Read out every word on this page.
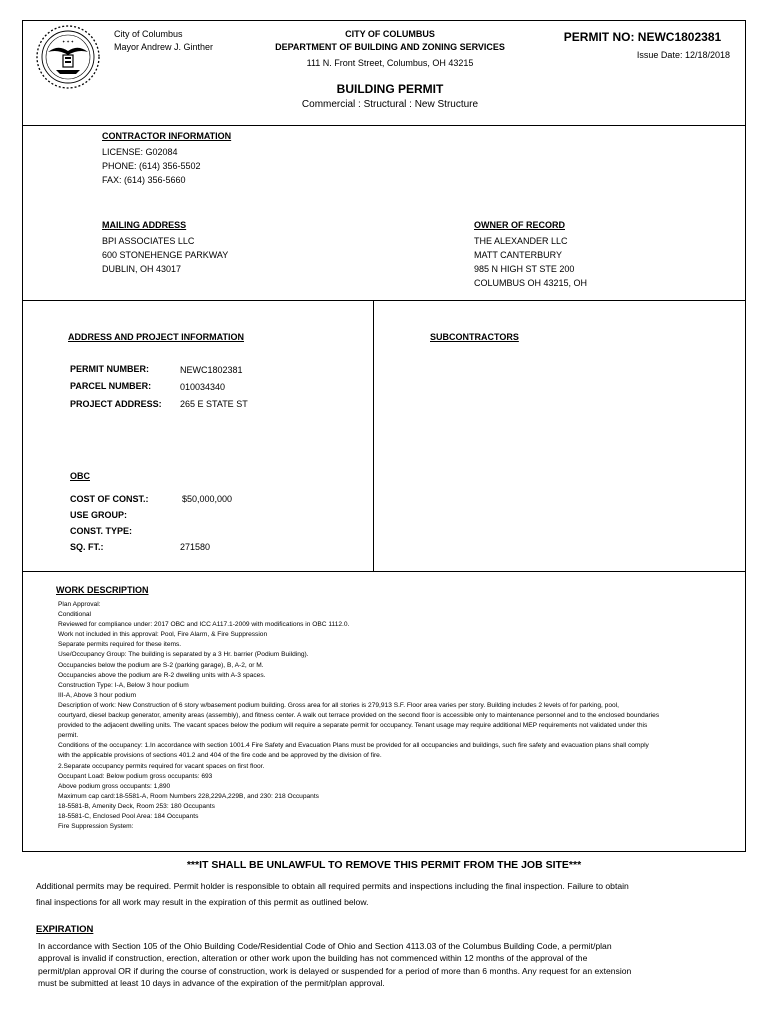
✦ ✦ ✦
City of Columbus
Mayor Andrew J. Ginther
CITY OF COLUMBUS
DEPARTMENT OF BUILDING AND ZONING SERVICES
111 N. Front Street, Columbus, OH 43215
BUILDING PERMIT
Commercial : Structural : New Structure
PERMIT NO: NEWC1802381
Issue Date: 12/18/2018
CONTRACTOR INFORMATION
LICENSE: G02084
PHONE: (614) 356-5502
FAX: (614) 356-5660
MAILING ADDRESS
BPI ASSOCIATES LLC
600 STONEHENGE PARKWAY
DUBLIN, OH 43017
OWNER OF RECORD
THE ALEXANDER LLC
MATT CANTERBURY
985 N HIGH ST STE 200
COLUMBUS OH 43215, OH
ADDRESS AND PROJECT INFORMATION
PERMIT NUMBER:	NEWC1802381
PARCEL NUMBER:	010034340
PROJECT ADDRESS: 265 E STATE ST
SUBCONTRACTORS
OBC
COST OF CONST.:	$50,000,000
USE GROUP:
CONST. TYPE:
SQ. FT.:	271580
WORK DESCRIPTION
Plan Approval:
Conditional
Reviewed for compliance under: 2017 OBC and ICC A117.1-2009 with modifications in OBC 1112.0.
Work not included in this approval: Pool, Fire Alarm, & Fire Suppression
Separate permits required for these items.
Use/Occupancy Group: The building is separated by a 3 Hr. barrier (Podium Building).
Occupancies below the podium are S-2 (parking garage), B, A-2, or M.
Occupancies above the podium are R-2 dwelling units with A-3 spaces.
Construction Type: I-A, Below 3 hour podium
III-A, Above 3 hour podium
Description of work: New Construction of 6 story w/basement podium building. Gross area for all stories is 279,913 S.F. Floor area varies per story. Building includes 2 levels of for parking, pool,
courtyard, diesel backup generator, amenity areas (assembly), and fitness center. A walk out terrace provided on the second floor is accessible only to maintenance personnel and to the enclosed boundaries
provided to the adjacent dwelling units. The vacant spaces below the podium will require a separate permit for occupancy. Tenant usage may require additional MEP requirements not validated under this
permit.
Conditions of the occupancy: 1.In accordance with section 1001.4 Fire Safety and Evacuation Plans must be provided for all occupancies and buildings, such fire safety and evacuation plans shall comply
with the applicable provisions of sections 401.2 and 404 of the fire code and be approved by the division of fire.
2.Separate occupancy permits required for vacant spaces on first floor.
Occupant Load: Below podium gross occupants: 693
Above podium gross occupants: 1,890
Maximum cap card:18-5581-A, Room Numbers 228,229A,229B, and 230: 218 Occupants
18-5581-B, Amenity Deck, Room 253: 180 Occupants
18-5581-C, Enclosed Pool Area: 184 Occupants
Fire Suppression System:
***IT SHALL BE UNLAWFUL TO REMOVE THIS PERMIT FROM THE JOB SITE***
Additional permits may be required. Permit holder is responsible to obtain all required permits and inspections including the final inspection. Failure to obtain
final inspections for all work may result in the expiration of this permit as outlined below.
EXPIRATION
In accordance with Section 105 of the Ohio Building Code/Residential Code of Ohio and Section 4113.03 of the Columbus Building Code, a permit/plan
approval is invalid if construction, erection, alteration or other work upon the building has not commenced within 12 months of the approval of the
permit/plan approval OR if during the course of construction, work is delayed or suspended for a period of more than 6 months. Any request for an extension
must be submitted at least 10 days in advance of the expiration of the permit/plan approval.
